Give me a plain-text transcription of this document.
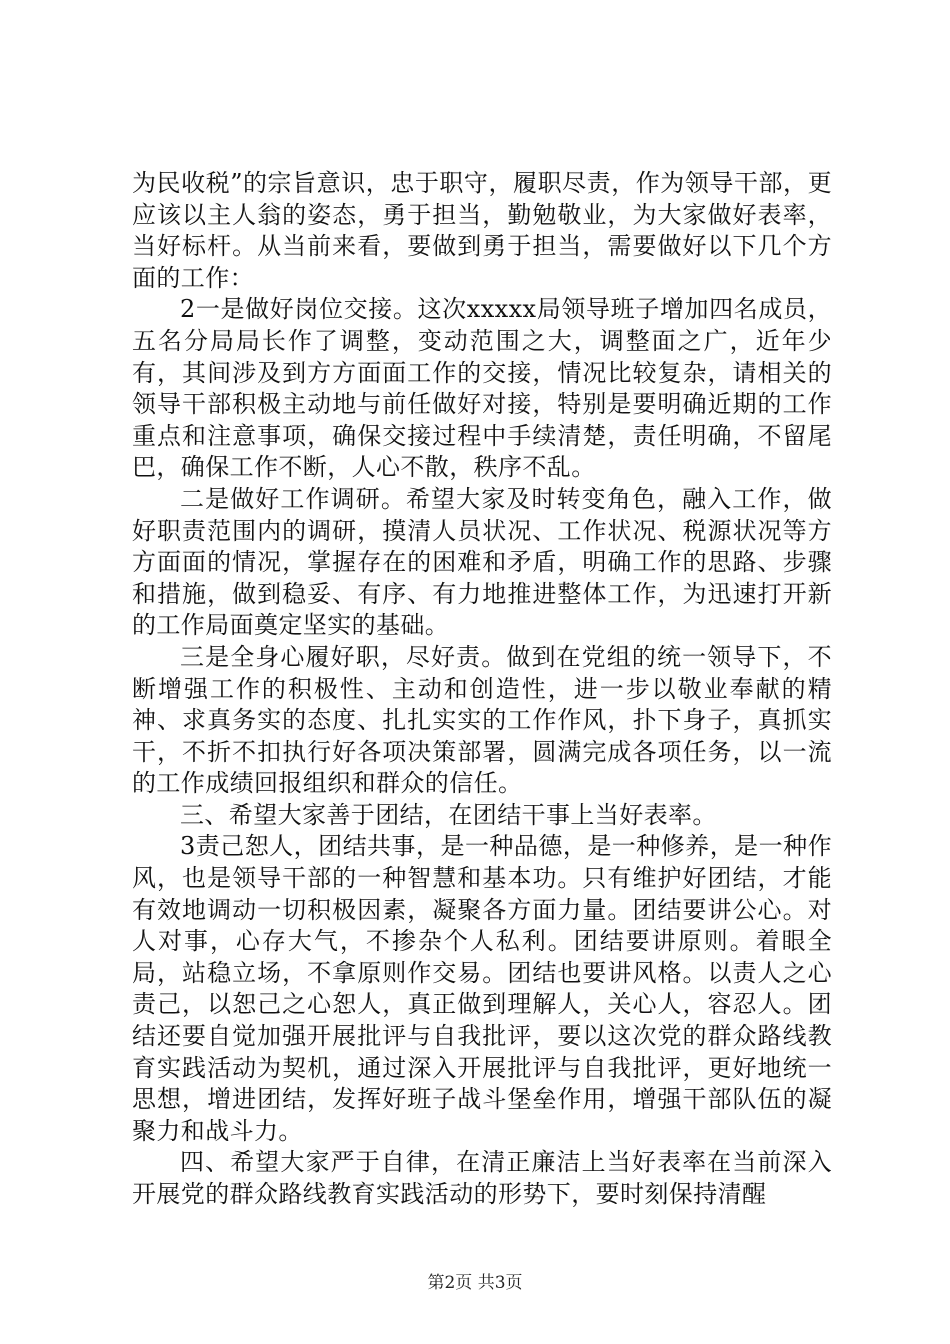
为民收税”的宗旨意识，忠于职守，履职尽责，作为领导干部，更应该以主人翁的姿态，勇于担当，勤勉敬业，为大家做好表率，当好标杆。从当前来看，要做到勇于担当，需要做好以下几个方面的工作：

2一是做好岗位交接。这次xxxxx局领导班子增加四名成员，五名分局局长作了调整，变动范围之大，调整面之广，近年少有，其间涉及到方方面面工作的交接，情况比较复杂，请相关的领导干部积极主动地与前任做好对接，特别是要明确近期的工作重点和注意事项，确保交接过程中手续清楚，责任明确，不留尾巴，确保工作不断，人心不散，秩序不乱。

二是做好工作调研。希望大家及时转变角色，融入工作，做好职责范围内的调研，摸清人员状况、工作状况、税源状况等方方面面的情况，掌握存在的困难和矛盾，明确工作的思路、步骤和措施，做到稳妥、有序、有力地推进整体工作，为迅速打开新的工作局面奠定坚实的基础。

三是全身心履好职，尽好责。做到在党组的统一领导下，不断增强工作的积极性、主动和创造性，进一步以敬业奉献的精神、求真务实的态度、扎扎实实的工作作风，扑下身子，真抓实干，不折不扣执行好各项决策部署，圆满完成各项任务，以一流的工作成绩回报组织和群众的信任。

三、希望大家善于团结，在团结干事上当好表率。

3责己恕人，团结共事，是一种品德，是一种修养，是一种作风，也是领导干部的一种智慧和基本功。只有维护好团结，才能有效地调动一切积极因素，凝聚各方面力量。团结要讲公心。对人对事，心存大气，不掺杂个人私利。团结要讲原则。着眼全局，站稳立场，不拿原则作交易。团结也要讲风格。以责人之心责己，以恕己之心恕人，真正做到理解人，关心人，容忍人。团结还要自觉加强开展批评与自我批评，要以这次党的群众路线教育实践活动为契机，通过深入开展批评与自我批评，更好地统一思想，增进团结，发挥好班子战斗堡垒作用，增强干部队伍的凝聚力和战斗力。

四、希望大家严于自律，在清正廉洁上当好表率在当前深入开展党的群众路线教育实践活动的形势下，要时刻保持清醒

第2页 共3页
